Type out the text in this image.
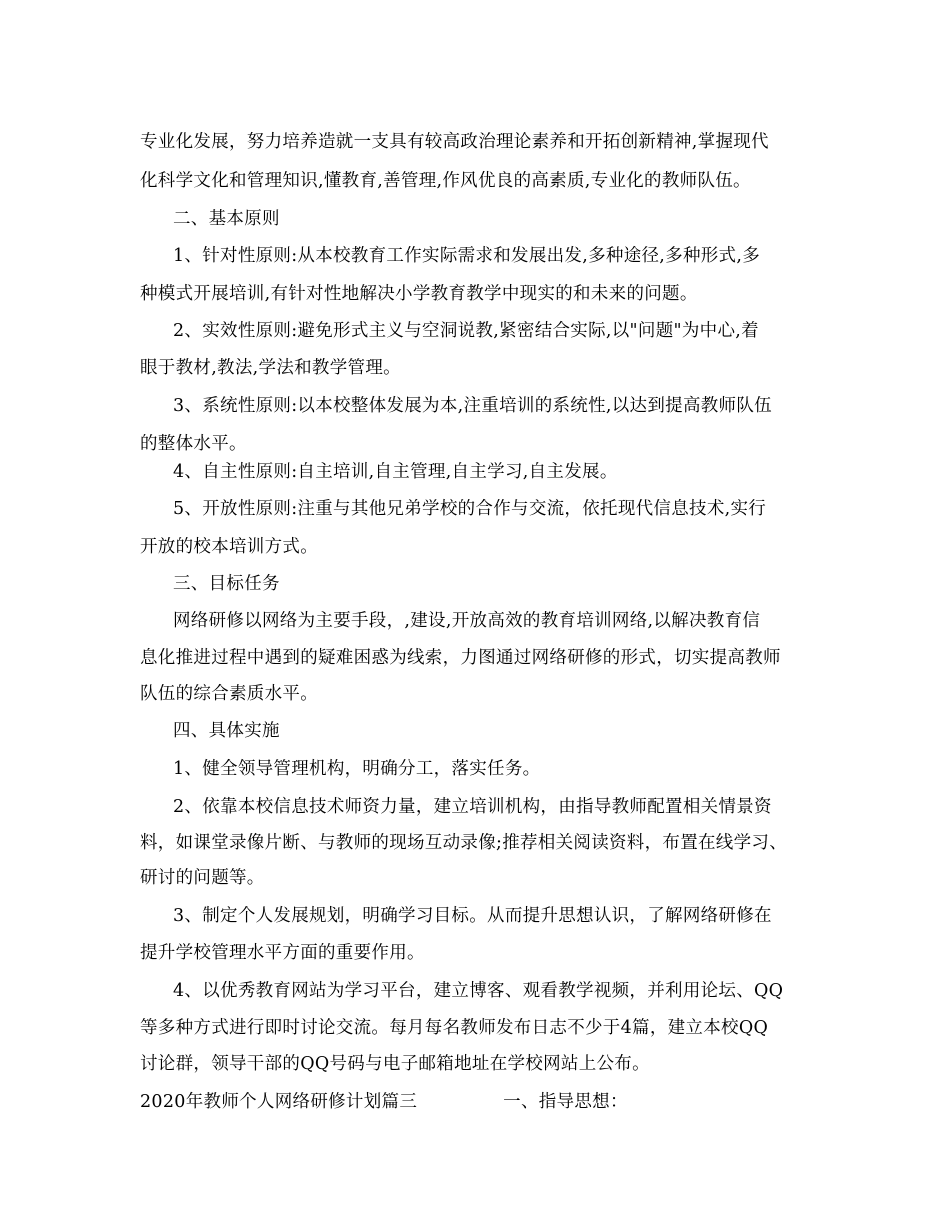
专业化发展，努力培养造就一支具有较高政治理论素养和开拓创新精神,掌握现代
化科学文化和管理知识,懂教育,善管理,作风优良的高素质,专业化的教师队伍。
二、基本原则
1、针对性原则:从本校教育工作实际需求和发展出发,多种途径,多种形式,多
种模式开展培训,有针对性地解决小学教育教学中现实的和未来的问题。
2、实效性原则:避免形式主义与空洞说教,紧密结合实际,以"问题"为中心,着
眼于教材,教法,学法和教学管理。
3、系统性原则:以本校整体发展为本,注重培训的系统性,以达到提高教师队伍
的整体水平。
4、自主性原则:自主培训,自主管理,自主学习,自主发展。
5、开放性原则:注重与其他兄弟学校的合作与交流，依托现代信息技术,实行
开放的校本培训方式。
三、目标任务
网络研修以网络为主要手段，,建设,开放高效的教育培训网络,以解决教育信
息化推进过程中遇到的疑难困惑为线索，力图通过网络研修的形式，切实提高教师
队伍的综合素质水平。
四、具体实施
1、健全领导管理机构，明确分工，落实任务。
2、依靠本校信息技术师资力量，建立培训机构，由指导教师配置相关情景资
料，如课堂录像片断、与教师的现场互动录像;推荐相关阅读资料，布置在线学习、
研讨的问题等。
3、制定个人发展规划，明确学习目标。从而提升思想认识，了解网络研修在
提升学校管理水平方面的重要作用。
4、以优秀教育网站为学习平台，建立博客、观看教学视频，并利用论坛、QQ
等多种方式进行即时讨论交流。每月每名教师发布日志不少于4篇，建立本校QQ
讨论群，领导干部的QQ号码与电子邮箱地址在学校网站上公布。
2020年教师个人网络研修计划篇三	一、指导思想：
